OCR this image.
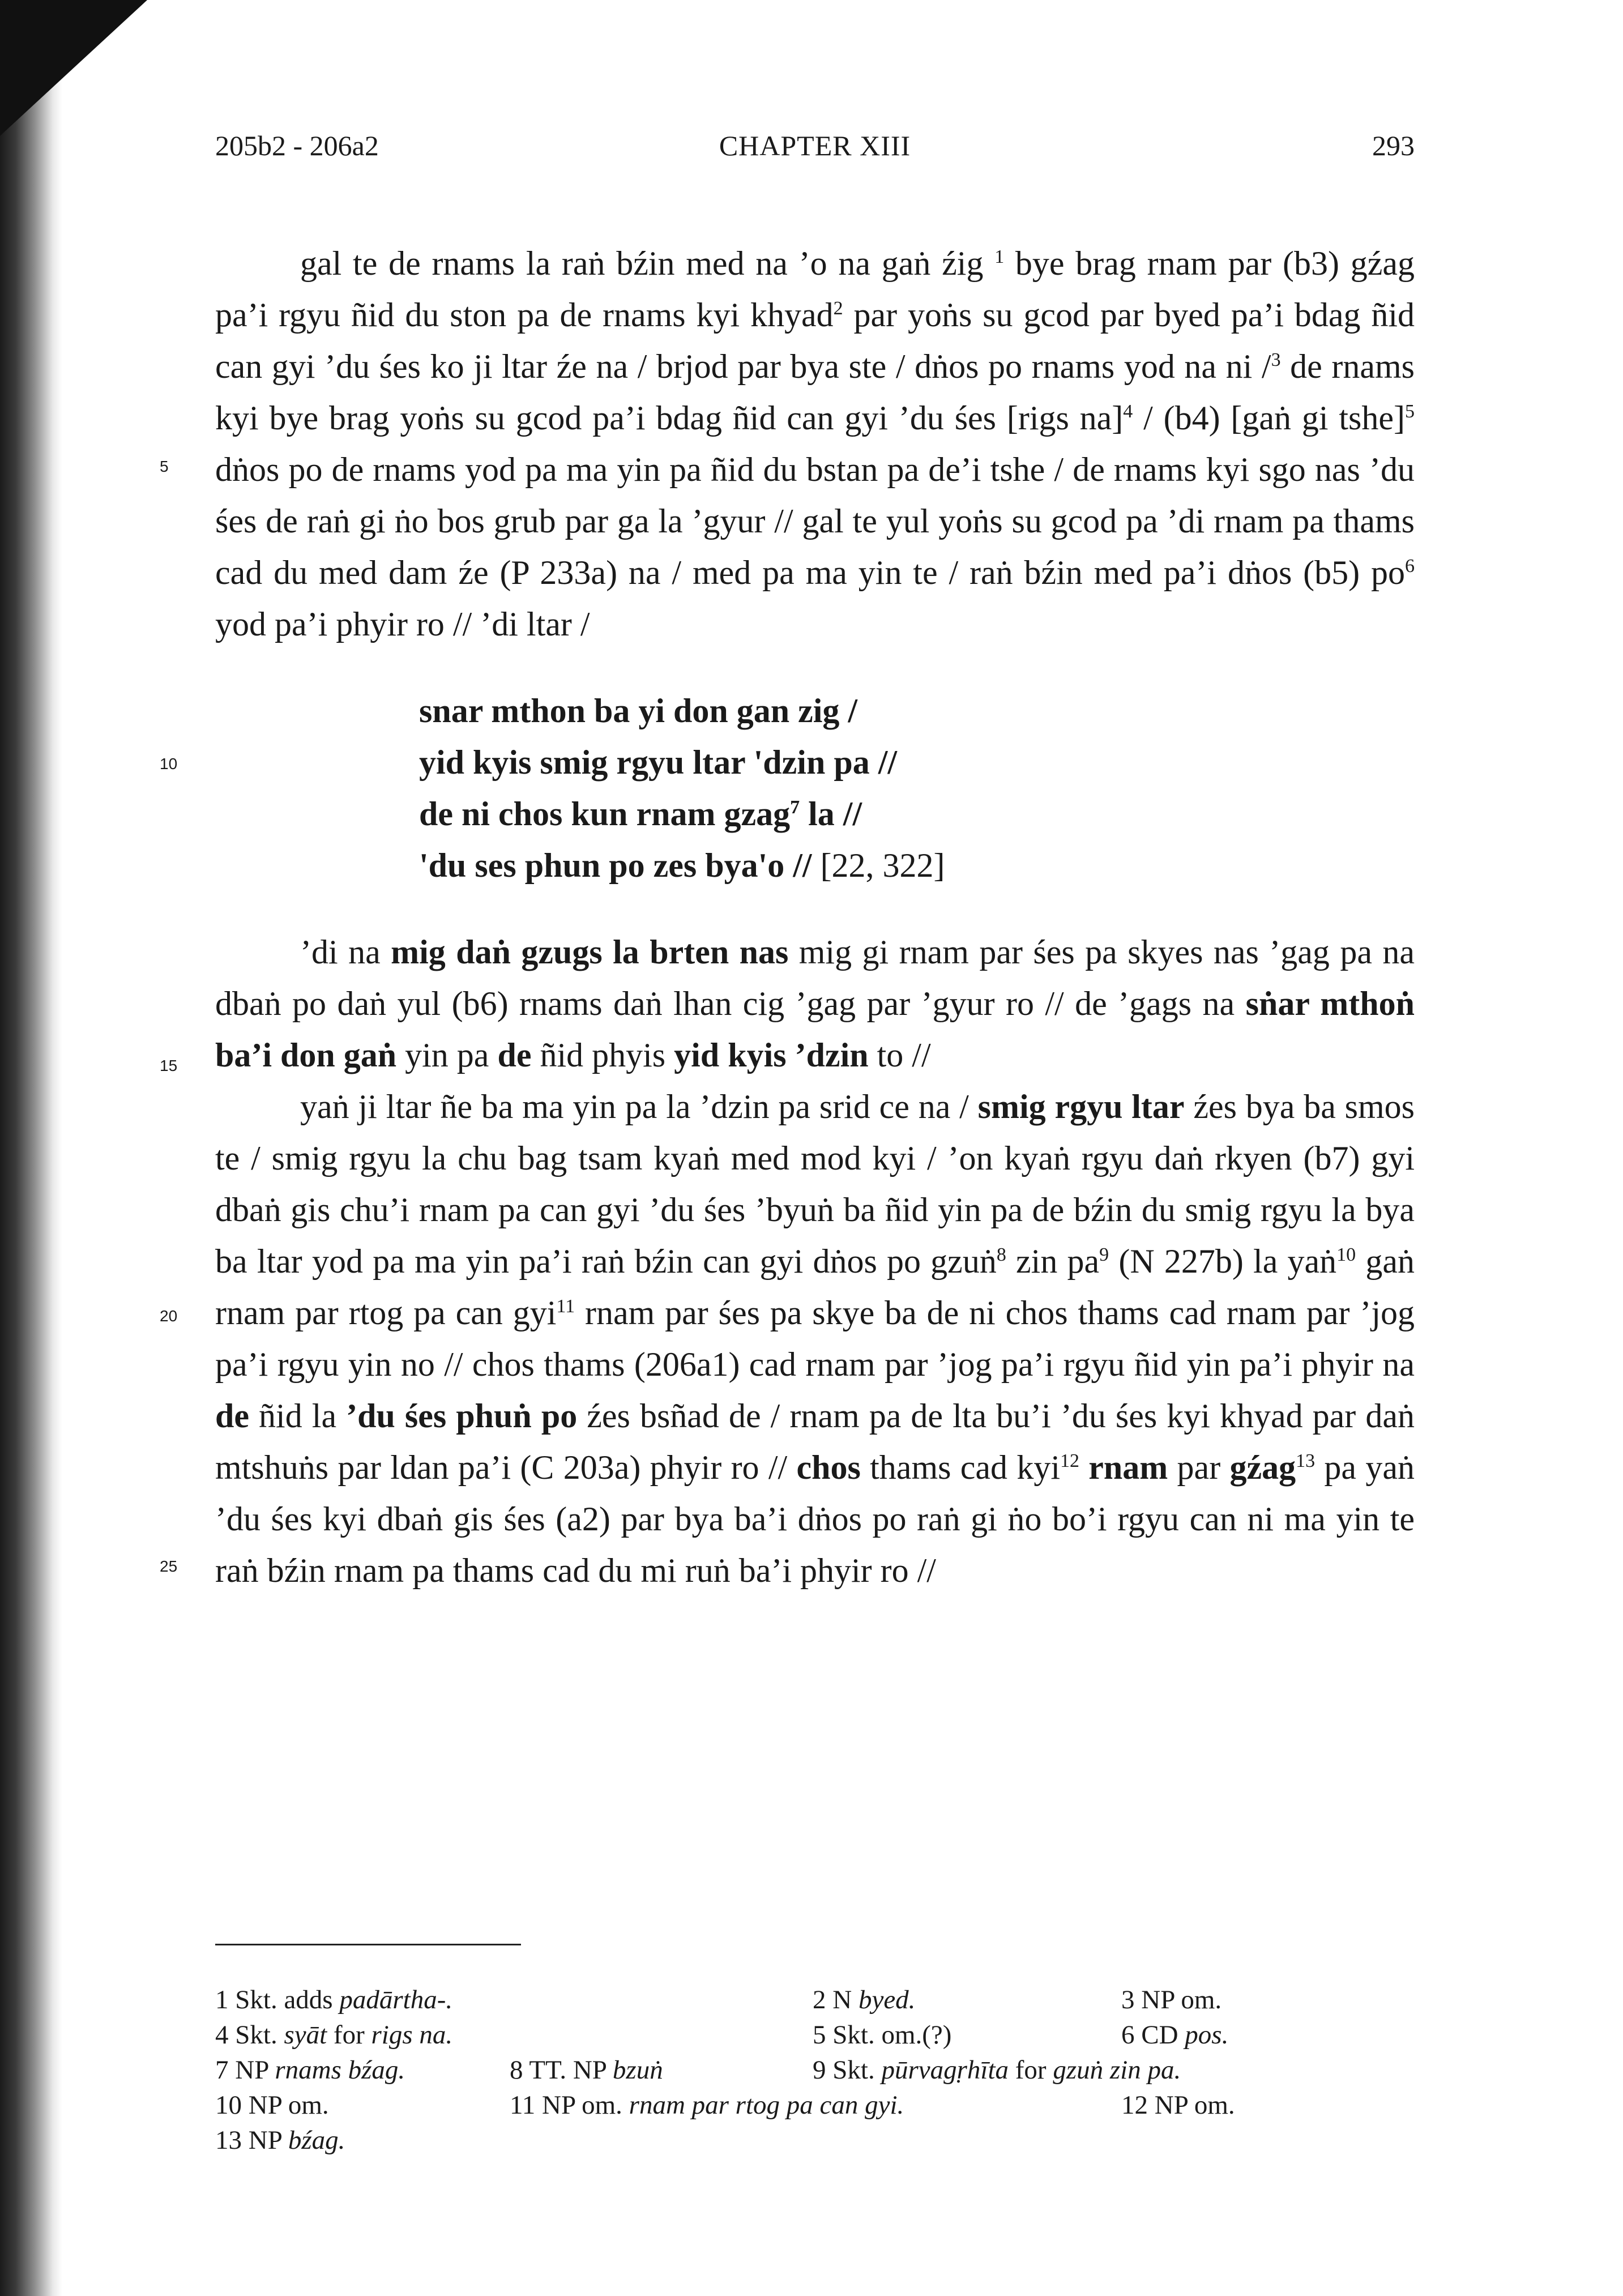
205b2 - 206a2	CHAPTER XIII	293
5
10
15
20
25

gal te de rnams la raṅ bźin med na ’o na gaṅ źig $^1$ bye brag rnam par (b3) gźag pa’i rgyu ñid du ston pa de rnams kyi khyad$^2$ par yoṅs su gcod par byed pa’i bdag ñid can gyi ’du śes ko ji ltar źe na / brjod par bya ste / dṅos po rnams yod na ni /$^3$ de rnams kyi bye brag yoṅs su gcod pa’i bdag ñid can gyi ’du śes [rigs na]$^4$ / (b4) [gaṅ gi tshe]$^5$ dṅos po de rnams yod pa ma yin pa ñid du bstan pa de’i tshe / de rnams kyi sgo nas ’du śes de raṅ gi ṅo bos grub par ga la ’gyur // gal te yul yoṅs su gcod pa ’di rnam pa thams cad du med dam źe (P 233a) na / med pa ma yin te / raṅ bźin med pa’i dṅos (b5) $po^6$ yod pa’i phyir ro // ’di ltar /

snar mthon ba yi don gan zig /
yid kyis smig rgyu ltar 'dzin pa //
de ni chos kun rnam gzag$^7$ la //
'du ses phun po zes bya'o // [22, 322]

’di na mig daṅ gzugs la brten nas mig gi rnam par śes pa skyes nas ’gag pa na dbaṅ po daṅ yul (b6) rnams daṅ lhan cig ’gag par ’gyur ro // de ’gags na sṅar mthoṅ ba’i don gaṅ yin pa de ñid phyis yid kyis ’dzin to //

yaṅ ji ltar ñe ba ma yin pa la ’dzin pa srid ce na / smig rgyu ltar źes bya ba smos te / smig rgyu la chu bag tsam kyaṅ med mod kyi / ’on kyaṅ rgyu daṅ rkyen (b7) gyi dbaṅ gis chu’i rnam pa can gyi ’du śes ’byuṅ ba ñid yin pa de bźin du smig rgyu la bya ba ltar yod pa ma yin pa’i raṅ bźin can gyi dṅos po gzuṅ$^8$ zin $pa^9$ (N 227b) la yaṅ$^{10}$ gaṅ rnam par rtog pa can gyi$^{11}$ rnam par śes pa skye ba de ni chos thams cad rnam par ’jog pa’i rgyu yin no // chos thams (206a1) cad rnam par ’jog pa’i rgyu ñid yin pa’i phyir na de ñid la ’du śes phuṅ po źes bsñad de / rnam pa de lta bu’i ’du śes kyi khyad par daṅ mtshuṅs par ldan pa’i (C 203a) phyir ro // chos thams cad kyi$^{12}$ rnam par gźag$^{13}$ pa yaṅ ’du śes kyi dbaṅ gis śes (a2) par bya ba’i dṅos po raṅ gi ṅo bo’i rgyu can ni ma yin te raṅ bźin rnam pa thams cad du mi ruṅ ba’i phyir ro //

1 Skt. adds padārtha-.	2 N byed.	3 NP om.
4 Skt. syāt for rigs na.	5 Skt. om.(?)	6 CD pos.
7 NP rnams bźag.	8 TT. NP bzuṅ	9 Skt. pūrvagṛhīta for gzuṅ zin pa.
10 NP om.	11 NP om. rnam par rtog pa can gyi.	12 NP om.
13 NP bźag.
